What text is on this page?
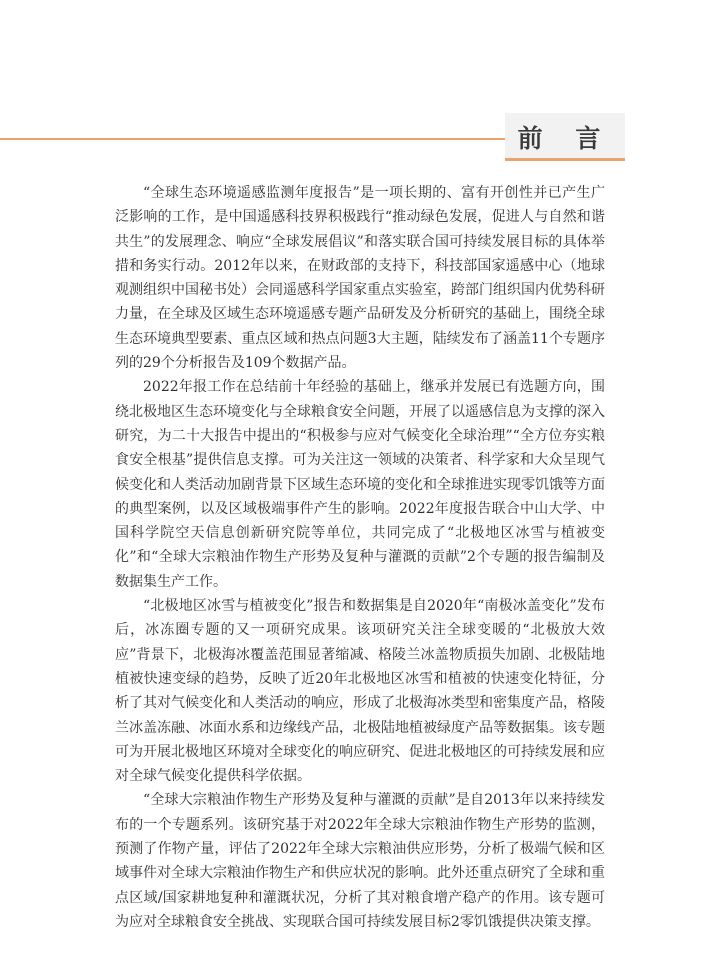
前 言

“全球生态环境遥感监测年度报告”是一项长期的、富有开创性并已产生广泛影响的工作，是中国遥感科技界积极践行“推动绿色发展，促进人与自然和谐共生”的发展理念、响应“全球发展倡议”和落实联合国可持续发展目标的具体举措和务实行动。2012年以来，在财政部的支持下，科技部国家遥感中心（地球观测组织中国秘书处）会同遥感科学国家重点实验室，跨部门组织国内优势科研力量，在全球及区域生态环境遥感专题产品研发及分析研究的基础上，围绕全球生态环境典型要素、重点区域和热点问题3大主题，陆续发布了涵盖11个专题序列的29个分析报告及109个数据产品。

2022年报工作在总结前十年经验的基础上，继承并发展已有选题方向，围绕北极地区生态环境变化与全球粮食安全问题，开展了以遥感信息为支撑的深入研究，为二十大报告中提出的“积极参与应对气候变化全球治理”“全方位夯实粮食安全根基”提供信息支撑。可为关注这一领域的决策者、科学家和大众呈现气候变化和人类活动加剧背景下区域生态环境的变化和全球推进实现零饥饿等方面的典型案例，以及区域极端事件产生的影响。2022年度报告联合中山大学、中国科学院空天信息创新研究院等单位，共同完成了“北极地区冰雪与植被变化”和“全球大宗粮油作物生产形势及复种与灌溉的贡献”2个专题的报告编制及数据集生产工作。

“北极地区冰雪与植被变化”报告和数据集是自2020年“南极冰盖变化”发布后，冰冻圈专题的又一项研究成果。该项研究关注全球变暖的“北极放大效应”背景下，北极海冰覆盖范围显著缩减、格陵兰冰盖物质损失加剧、北极陆地植被快速变绿的趋势，反映了近20年北极地区冰雪和植被的快速变化特征，分析了其对气候变化和人类活动的响应，形成了北极海冰类型和密集度产品，格陵兰冰盖冻融、冰面水系和边缘线产品，北极陆地植被绿度产品等数据集。该专题可为开展北极地区环境对全球变化的响应研究、促进北极地区的可持续发展和应对全球气候变化提供科学依据。

“全球大宗粮油作物生产形势及复种与灌溉的贡献”是自2013年以来持续发布的一个专题系列。该研究基于对2022年全球大宗粮油作物生产形势的监测，预测了作物产量，评估了2022年全球大宗粮油供应形势，分析了极端气候和区域事件对全球大宗粮油作物生产和供应状况的影响。此外还重点研究了全球和重点区域/国家耕地复种和灌溉状况，分析了其对粮食增产稳产的作用。该专题可为应对全球粮食安全挑战、实现联合国可持续发展目标2零饥饿提供决策支撑。
